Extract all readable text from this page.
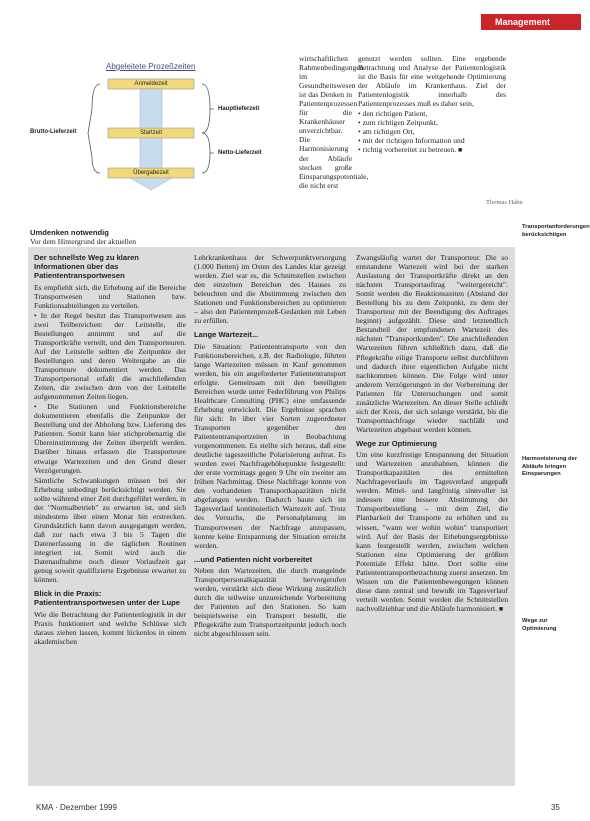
Management
Abgeleitete Prozeßzeiten
Anmeldezeit
Startzeit
Übergabezeit
Brutto-Lieferzeit
Hauptlieferzeit
Netto-Lieferzeit
Umdenken notwendig
Vor dem Hintergrund der aktuellen

wirtschaftlichen Rahmenbedingungen im Gesundheitswesen ist das Denken in Patientenprozessen für die Krankenhäuser unverzichtbar. Die Harmonisierung der Abläufe stecken große Einsparungspotentiale, die nicht erst

genutzt werden sollten. Eine ergebende Betrachtung und Analyse der Patientenlogistik ist die Basis für eine weitgehende Optimierung der Abläufe im Krankenhaus. Ziel der Patientenlogistik innerhalb des Patientenprozesses muß es daher sein,

• den richtigen Patient,
• zum richtigen Zeitpunkt,
• am richtigen Ort,
• mit der richtigen Information und
• richtig vorbereitet zu betreuen. ■
Thomas Hahn
Der schnellste Weg zu klaren Informationen über das Patiententransportwesen

Es empfiehlt sich, die Erhebung auf die Bereiche Transportwesen und Stationen bzw. Funktionsabteilungen zu verteilen.

• In der Regel besitzt das Transportwesen aus zwei Teilbereichen: der Leitstelle, die Bestellungen annimmt und auf die Transportkräfte verteilt, und den Transporteuren. Auf der Leitstelle sollten die Zeitpunkte der Bestellungen und deren Weitergabe an die Transporteure dokumentiert werden. Das Transportpersonal erfaßt die anschließenden Zeiten, die zwischen dem von der Leitstelle aufgenommenen Zeiten liegen.

• Die Stationen und Funktionsbereiche dokumentieren ebenfalls die Zeitpunkte der Bestellung und der Abholung bzw. Lieferung des Patienten. Somit kann hier stichprobenartig die Übereinstimmung der Zeiten überprüft werden. Darüber hinaus erfassen die Transporteure etwaige Wartezeiten und den Grund dieser Verzögerungen.

Sämtliche Schwankungen müssen bei der Erhebung unbedingt berücksichtigt werden. Sie sollte während einer Zeit durchgeführt werden, in der "Normalbetrieb" zu erwarten ist, und sich mindestens über einen Monat hin erstrecken. Grundsätzlich kann davon ausgegangen werden, daß zur nach etwa 3 bis 5 Tagen die Datenerfassung in die täglichen Routinen integriert ist. Somit wird auch die Datenaufnahme noch dieser Vorlaufzeit gar genug soweit qualifizierte Ergebnisse erwartet zu können.

Blick in die Praxis: Patiententransportwesen unter der Lupe

Wie die Betrachtung der Patientenlogistik in der Praxis funktioniert und welche Schlüsse sich daraus ziehen lassen, kommt lückenlos in einem akademischen

Lehrkrankenhaus der Schwerpunktversorgung (1.000 Betten) im Osten des Landes klar gezeigt werden. Ziel war es, die Schnittstellen zwischen den einzelnen Bereichen des Hauses zu beleuchten und die Abstimmung zwischen den Stationen und Funktionsbereichen zu optimieren – also den Patientenprozeß-Gedanken mit Leben zu erfüllen.

Lange Wartezeit...

Die Situation: Patiententransporte von den Funktionsbereichen, z.B. der Radiologie, führten lange Wartezeiten müssen in Kauf genommen werden, bis ein angeforderter Patiententransport erfolgte. Gemeinsam mit den beteiligten Bereichen wurde unter Federführung von Philips Healthcare Consulting (PHC) eine umfassende Erhebung entwickelt. Die Ergebnisse sprachen für sich: In über vier Sorten zugeordneter Transporten gegenüber den Patiententransportzeiten in Beobachtung vorgenommenen. Es stellte sich heraus, daß eine deutliche tageszeitliche Polarisierung auftrat. Es wurden zwei Nachfragehöhepunkte festgestellt: der erste vormittags gegen 9 Uhr ein zweiter am frühen Nachmittag. Diese Nachfrage konnte von den vorhandenen Transportkapazitäten nicht abgefangen werden. Dadurch baute sich im Tagesverlauf kontinuierlich Wartezeit auf. Trotz des Versuchs, die Personalplanung im Transportwesen der Nachfrage anzupassen, konnte keine Entspannung der Situation erreicht werden.

...und Patienten nicht vorbereitet

Neben den Wartezeiten, die durch mangelnde Transportpersonalkapazität hervorgerufen werden, verstärkt sich diese Wirkung zusätzlich durch die teilweise unzureichende Vorbereitung der Patienten auf den Stationen. So kam beispielsweise ein Transport bestellt, die Pflegekräfte zum Transportzeitpunkt jedoch noch nicht abgeschlossen sein.

Zwangsläufig wartet der Transporteur. Die so entstandene Wartezeit wird bei der starken Auslastung der Transportkräfte direkt an den nächsten Transportauftrag "weitergereicht". Somit werden die Reaktionszeiten (Abstand der Bestellung bis zu dem Zeitpunkt, zu dem der Transporteur mit der Beendigung des Auftrages beginnt) aufgezählt. Diese sind letztendlich Bestandteil der empfundenen Wartezeit des nächsten "Transportkunden". Die anschließenden Wartezeiten führen schließlich dazu, daß die Pflegekräfte eilige Transporte selbst durchführen und dadurch ihrer eigentlichen Aufgabe nicht nachkommen können. Die Folge wird unter anderem Verzögerungen in der Vorbereitung der Patienten für Untersuchungen und somit zusätzliche Wartezeiten. An dieser Stelle schließt sich der Kreis, der sich solange verstärkt, bis die Transportnachfrage wieder nachläßt und Wartezeiten abgebaut werden können.

Wege zur Optimierung

Um eine kurzfristige Entspannung der Situation und Wartezeiten anzubahnen, können die Transportkapazitäten des ermittelten Nachfrageverlaufs im Tagesverlauf angepaßt werden. Mittel- und langfristig sinnvoller ist indessen eine bessere Abstimmung der Transportbestellung – mit dem Ziel, die Planbarkeit der Transporte zu erhöhen und zu wissen, "wann wer wohin wohin" transportiert wird. Auf der Basis der Erhebungsergebnisse kann festgestellt werden, zwischen welchen Stationen eine Optimierung der größten Potentiale Effekt hätte. Dort sollte eine Patiententransportbetrachtung zuerst ansetzen. Im Wissen um die Patientenbewegungen können diese dann zentral und bewußt im Tagesverlauf verteilt werden. Somit werden die Schnittstellen nachvollziehbar und die Abläufe harmonisiert. ■

Transportanforderungen berücksichtigen
Harmonisierung der Abläufe bringen Einsparungen
Wege zur Optimierung
KMA · Dezember 1999	35
